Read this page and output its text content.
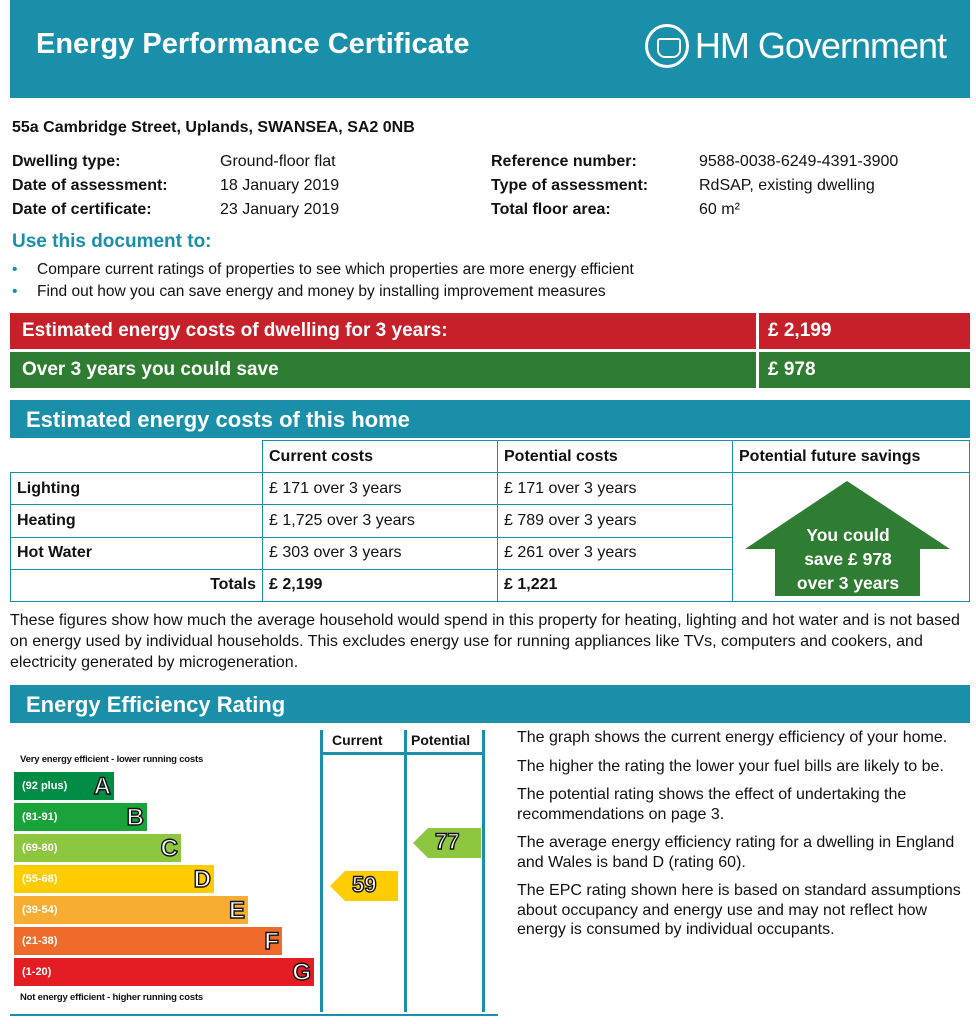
Energy Performance Certificate	HM Government
55a Cambridge Street, Uplands, SWANSEA, SA2 0NB
Dwelling type:	Ground-floor flat
Date of assessment:	18 January 2019
Date of certificate:	23 January 2019
Reference number:	9588-0038-6249-4391-3900
Type of assessment:	RdSAP, existing dwelling
Total floor area:	60 m²
Use this document to:
• Compare current ratings of properties to see which properties are more energy efficient
• Find out how you can save energy and money by installing improvement measures
Estimated energy costs of dwelling for 3 years:	£ 2,199
Over 3 years you could save	£ 978
Estimated energy costs of this home
	Current costs	Potential costs	Potential future savings
Lighting	£ 171 over 3 years	£ 171 over 3 years	You could
save £ 978
over 3 years

Heating	£ 1,725 over 3 years	£ 789 over 3 years	
Hot Water	£ 303 over 3 years	£ 261 over 3 years	
Totals	£ 2,199	£ 1,221	
These figures show how much the average household would spend in this property for heating, lighting and hot water and is not based on energy used by individual households. This excludes energy use for running appliances like TVs, computers and cookers, and electricity generated by microgeneration.
Energy Efficiency Rating
Very energy efficient - lower running costs
(92 plus) A
(81-91)	B
(69-80)	C
(55-68)	D
(39-54)	E
(21-38)	F
(1-20)	G
Not energy efficient - higher running costs
Current Potential
59
77

The graph shows the current energy efficiency of your home.

The higher the rating the lower your fuel bills are likely to be.

The potential rating shows the effect of undertaking the recommendations on page 3.

The average energy efficiency rating for a dwelling in England and Wales is band D (rating 60).

The EPC rating shown here is based on standard assumptions about occupancy and energy use and may not reflect how energy is consumed by individual occupants.
